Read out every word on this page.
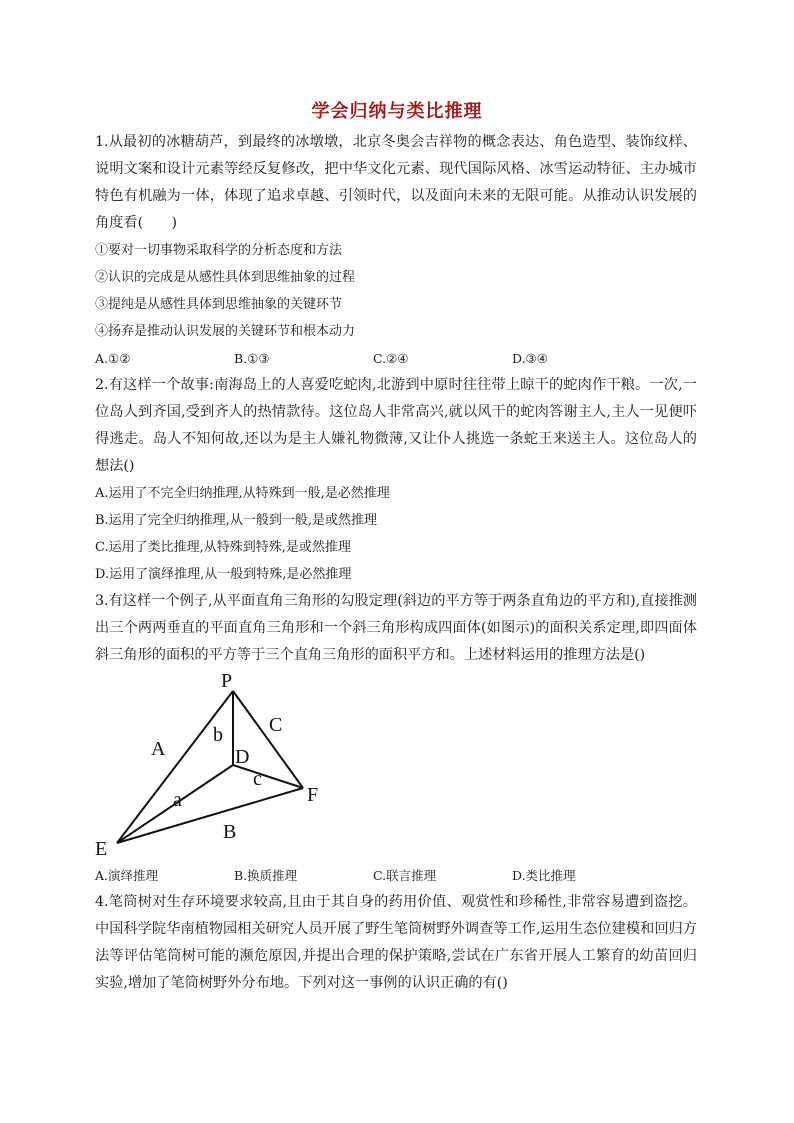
学会归纳与类比推理

1.从最初的冰糖葫芦，到最终的冰墩墩，北京冬奥会吉祥物的概念表达、角色造型、装饰纹样、说明文案和设计元素等经反复修改，把中华文化元素、现代国际风格、冰雪运动特征、主办城市特色有机融为一体，体现了追求卓越、引领时代，以及面向未来的无限可能。从推动认识发展的角度看(　　)

①要对一切事物采取科学的分析态度和方法

②认识的完成是从感性具体到思维抽象的过程

③提纯是从感性具体到思维抽象的关键环节

④扬弃是推动认识发展的关键环节和根本动力

A.①②	B.①③	C.②④	D.③④

2.有这样一个故事:南海岛上的人喜爱吃蛇肉,北游到中原时往往带上晾干的蛇肉作干粮。一次,一位岛人到齐国,受到齐人的热情款待。这位岛人非常高兴,就以风干的蛇肉答谢主人,主人一见便吓得逃走。岛人不知何故,还以为是主人嫌礼物微薄,又让仆人挑选一条蛇王来送主人。这位岛人的想法()

A.运用了不完全归纳推理,从特殊到一般,是必然推理

B.运用了完全归纳推理,从一般到一般,是或然推理

C.运用了类比推理,从特殊到特殊,是或然推理

D.运用了演绎推理,从一般到特殊,是必然推理

3.有这样一个例子,从平面直角三角形的勾股定理(斜边的平方等于两条直角边的平方和),直接推测出三个两两垂直的平面直角三角形和一个斜三角形构成四面体(如图示)的面积关系定理,即四面体斜三角形的面积的平方等于三个直角三角形的面积平方和。上述材料运用的推理方法是()

P
D
E
F
A
B
C
a
b
c
A.演绎推理	B.换质推理	C.联言推理	D.类比推理

4.笔筒树对生存环境要求较高,且由于其自身的药用价值、观赏性和珍稀性,非常容易遭到盗挖。中国科学院华南植物园相关研究人员开展了野生笔筒树野外调查等工作,运用生态位建模和回归方法等评估笔筒树可能的濒危原因,并提出合理的保护策略,尝试在广东省开展人工繁育的幼苗回归实验,增加了笔筒树野外分布地。下列对这一事例的认识正确的有()
